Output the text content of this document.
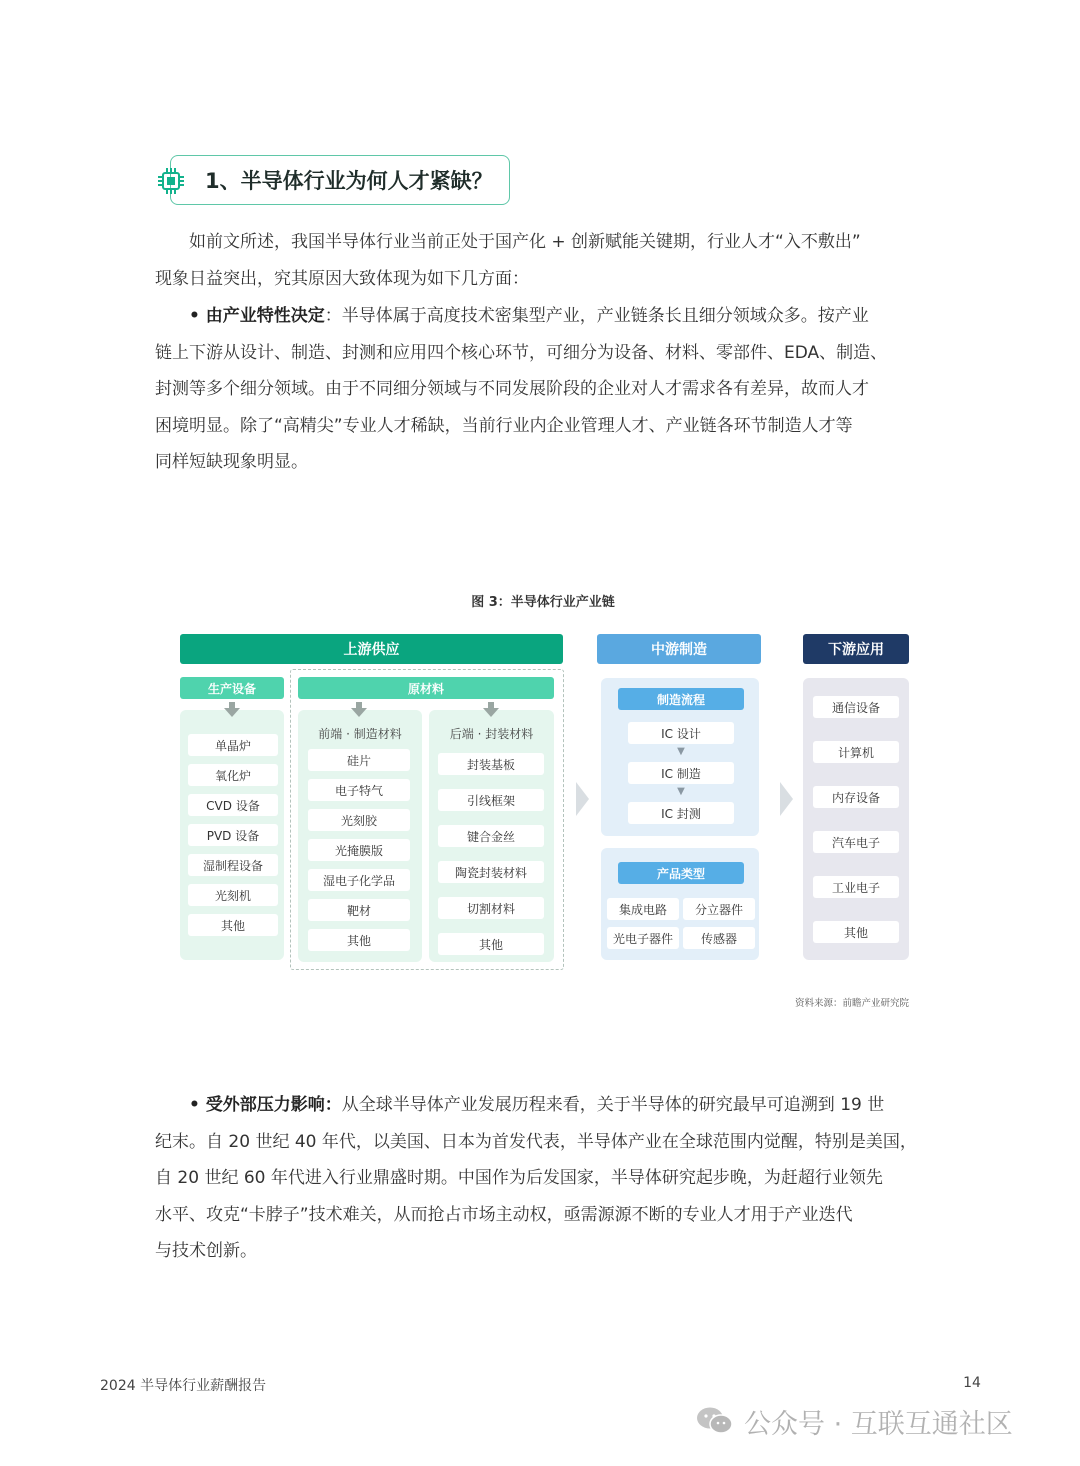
1、半导体行业为何人才紧缺？
如前文所述，我国半导体行业当前正处于国产化 + 创新赋能关键期，行业人才“入不敷出”
现象日益突出，究其原因大致体现为如下几方面：
• 由产业特性决定：半导体属于高度技术密集型产业，产业链条长且细分领域众多。按产业
链上下游从设计、制造、封测和应用四个核心环节，可细分为设备、材料、零部件、EDA、制造、
封测等多个细分领域。由于不同细分领域与不同发展阶段的企业对人才需求各有差异，故而人才
困境明显。除了“高精尖”专业人才稀缺，当前行业内企业管理人才、产业链各环节制造人才等
同样短缺现象明显。
图 3：半导体行业产业链
上游供应	中游制造	下游应用
生产设备
单晶炉
氧化炉
CVD 设备
PVD 设备
湿制程设备
光刻机
其他
原材料
前端 · 制造材料
硅片
电子特气
光刻胶
光掩膜版
湿电子化学品
靶材
其他
后端 · 封装材料
封装基板
引线框架
键合金丝
陶瓷封装材料
切割材料
其他
制造流程
IC 设计
▼
IC 制造
▼
IC 封测
产品类型
集成电路	分立器件
光电子器件	传感器
通信设备
计算机
内存设备
汽车电子
工业电子
其他
资料来源：前瞻产业研究院
• 受外部压力影响：从全球半导体产业发展历程来看，关于半导体的研究最早可追溯到 19 世
纪末。自 20 世纪 40 年代，以美国、日本为首发代表，半导体产业在全球范围内觉醒，特别是美国，
自 20 世纪 60 年代进入行业鼎盛时期。中国作为后发国家，半导体研究起步晚，为赶超行业领先
水平、攻克“卡脖子”技术难关，从而抢占市场主动权，亟需源源不断的专业人才用于产业迭代
与技术创新。
2024 半导体行业薪酬报告	14
公众号 · 互联互通社区
